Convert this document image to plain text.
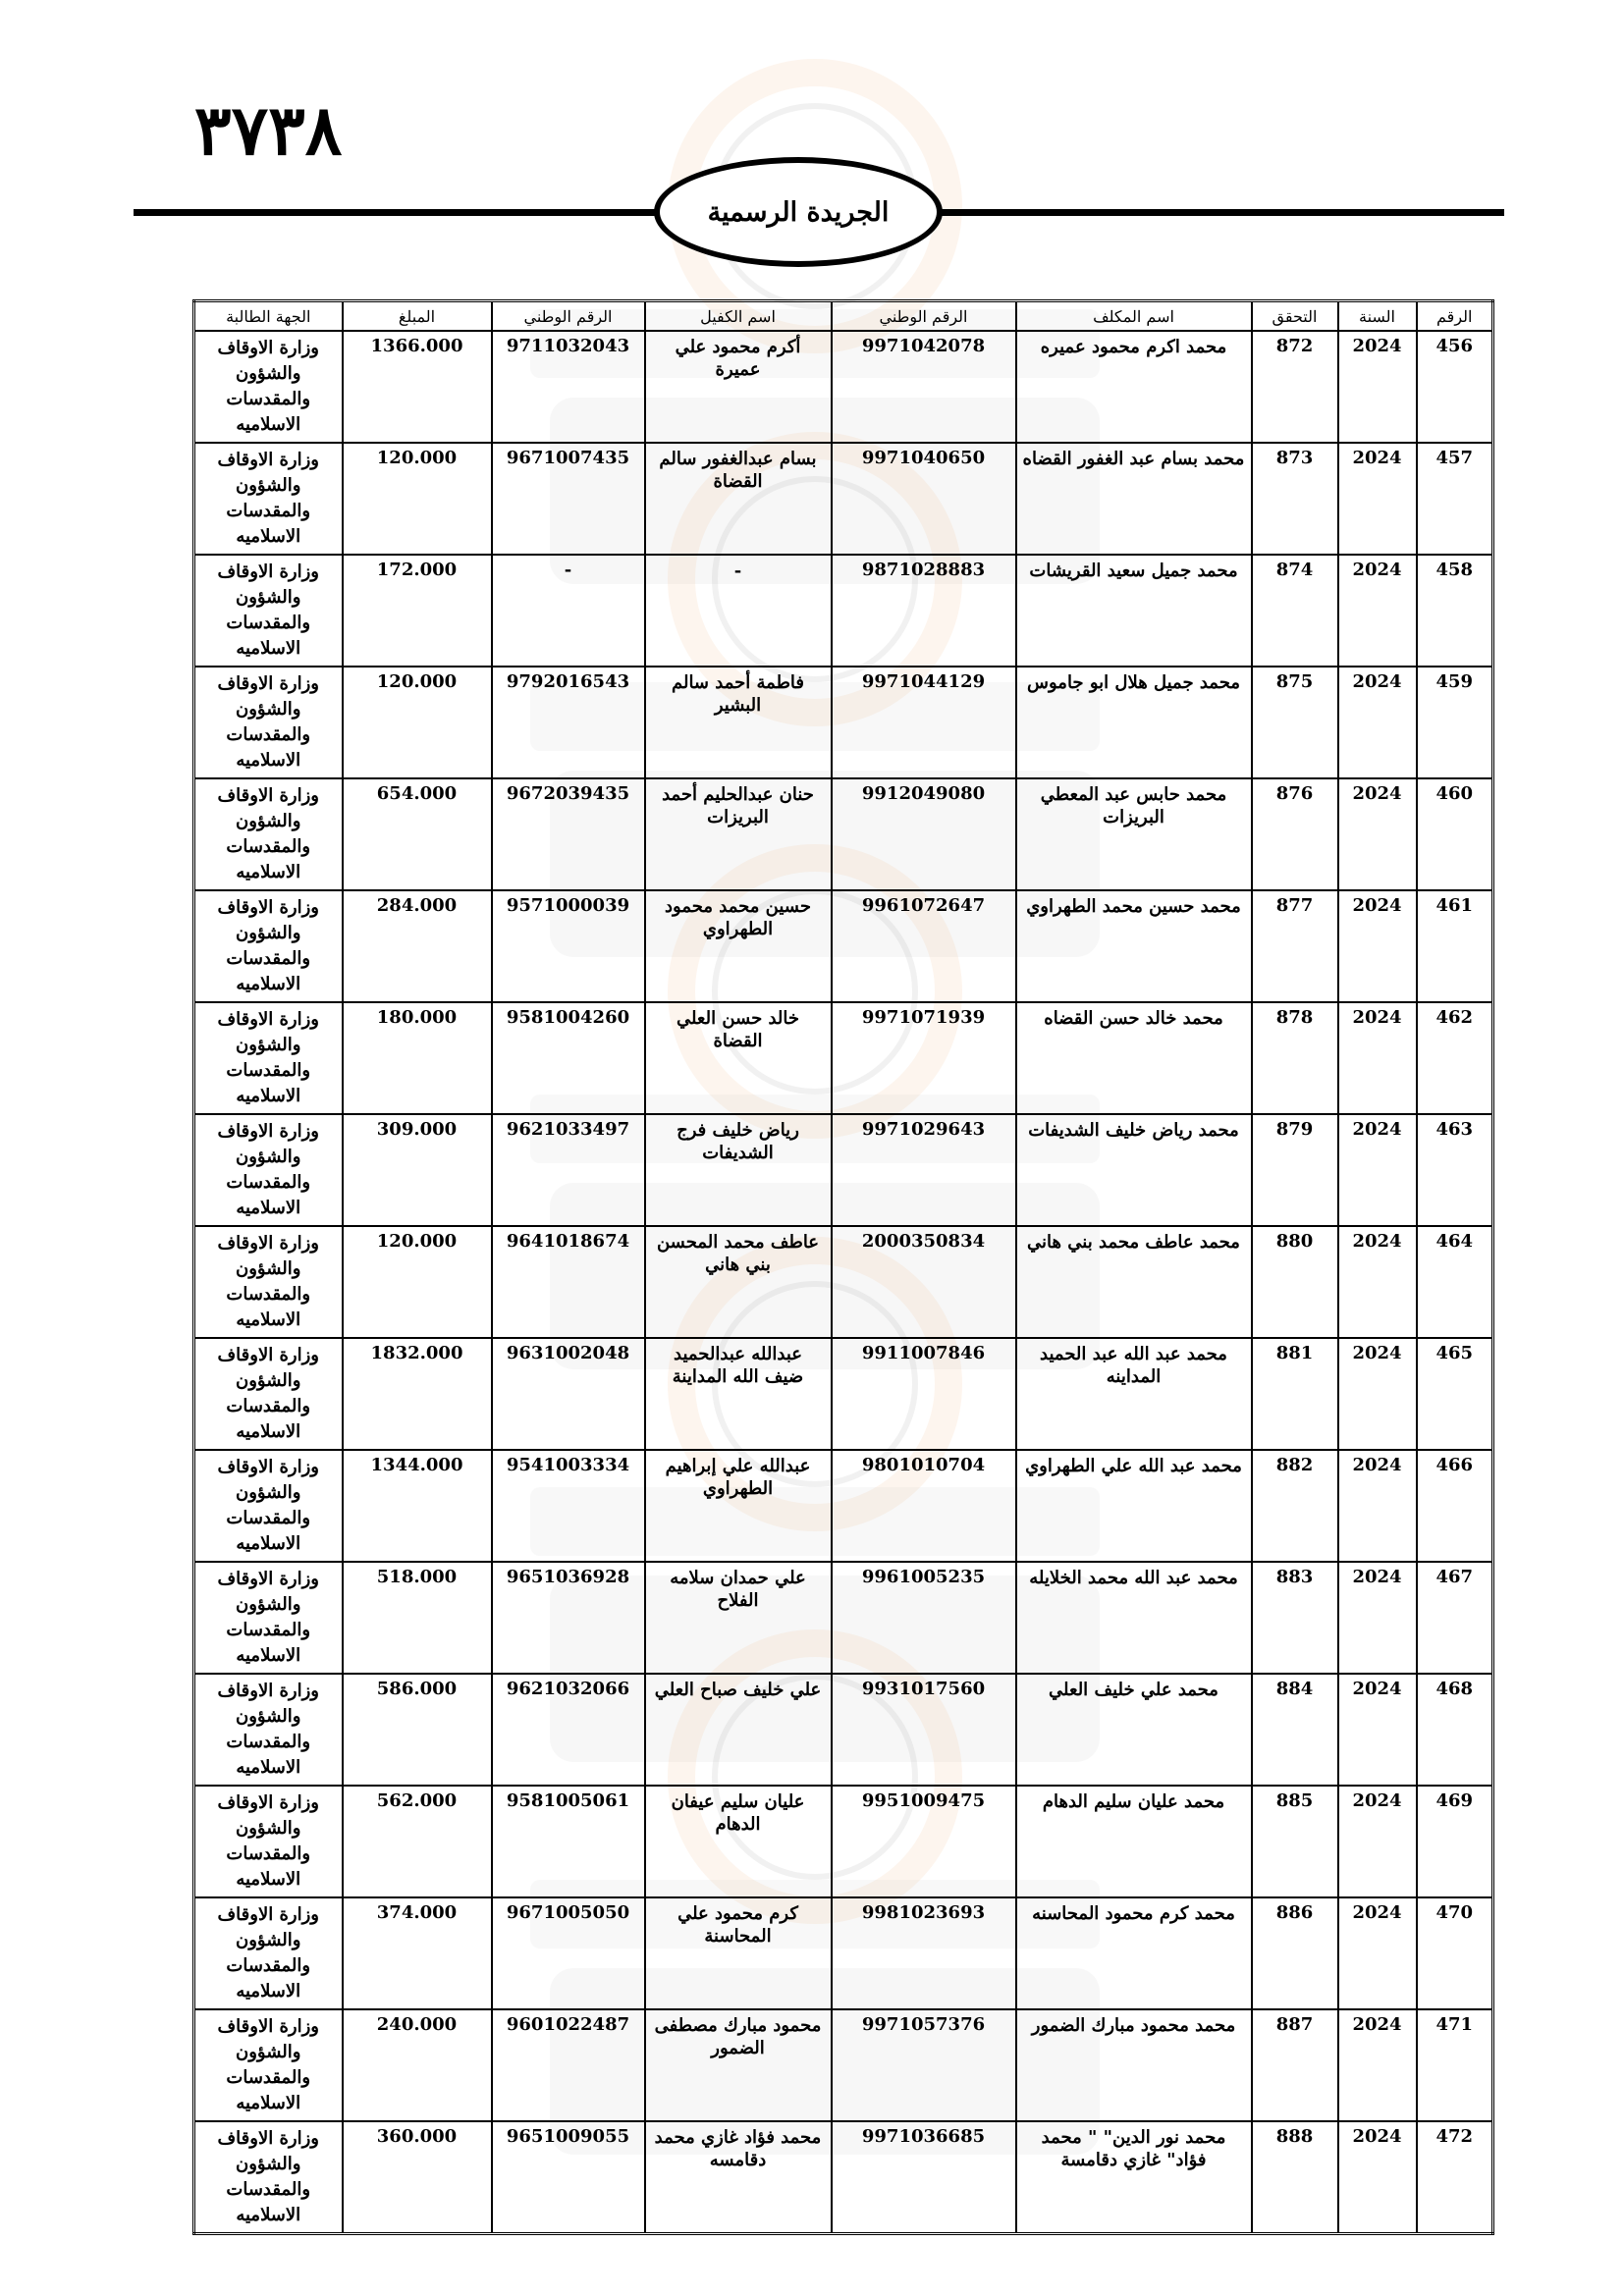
٣٧٣٨
الجريدة الرسمية
الرقم	السنة	التحقق	اسم المكلف	الرقم الوطني	اسم الكفيل	الرقم الوطني	المبلغ	الجهة الطالبة
456	2024	872	محمد اكرم محمود عميره	9971042078	أكرم محمود علي عميرة	9711032043	1366.000	وزارة الاوقاف والشؤون والمقدسات الاسلاميه
457	2024	873	محمد بسام عبد الغفور القضاه	9971040650	بسام عبدالغفور سالم القضاة	9671007435	120.000	وزارة الاوقاف والشؤون والمقدسات الاسلاميه
458	2024	874	محمد جميل سعيد القريشات	9871028883	-	-	172.000	وزارة الاوقاف والشؤون والمقدسات الاسلاميه
459	2024	875	محمد جميل هلال ابو جاموس	9971044129	فاطمة أحمد سالم البشير	9792016543	120.000	وزارة الاوقاف والشؤون والمقدسات الاسلاميه
460	2024	876	محمد حابس عبد المعطي البريزات	9912049080	حنان عبدالحليم أحمد البريزات	9672039435	654.000	وزارة الاوقاف والشؤون والمقدسات الاسلاميه
461	2024	877	محمد حسين محمد الطهراوي	9961072647	حسين محمد محمود الطهراوي	9571000039	284.000	وزارة الاوقاف والشؤون والمقدسات الاسلاميه
462	2024	878	محمد خالد حسن القضاه	9971071939	خالد حسن العلي القضاة	9581004260	180.000	وزارة الاوقاف والشؤون والمقدسات الاسلاميه
463	2024	879	محمد رياض خليف الشديفات	9971029643	رياض خليف فرج الشديفات	9621033497	309.000	وزارة الاوقاف والشؤون والمقدسات الاسلاميه
464	2024	880	محمد عاطف محمد بني هاني	2000350834	عاطف محمد المحسن بني هاني	9641018674	120.000	وزارة الاوقاف والشؤون والمقدسات الاسلاميه
465	2024	881	محمد عبد الله عبد الحميد المداينه	9911007846	عبدالله عبدالحميد ضيف الله المداينة	9631002048	1832.000	وزارة الاوقاف والشؤون والمقدسات الاسلاميه
466	2024	882	محمد عبد الله علي الطهراوي	9801010704	عبدالله علي إبراهيم الطهراوي	9541003334	1344.000	وزارة الاوقاف والشؤون والمقدسات الاسلاميه
467	2024	883	محمد عبد الله محمد الخلايله	9961005235	علي حمدان سلامه الفلاح	9651036928	518.000	وزارة الاوقاف والشؤون والمقدسات الاسلاميه
468	2024	884	محمد علي خليف العلي	9931017560	علي خليف صباح العلي	9621032066	586.000	وزارة الاوقاف والشؤون والمقدسات الاسلاميه
469	2024	885	محمد عليان سليم الدهام	9951009475	عليان سليم عيفان الدهام	9581005061	562.000	وزارة الاوقاف والشؤون والمقدسات الاسلاميه
470	2024	886	محمد كرم محمود المحاسنه	9981023693	كرم محمود علي المحاسنة	9671005050	374.000	وزارة الاوقاف والشؤون والمقدسات الاسلاميه
471	2024	887	محمد محمود مبارك الضمور	9971057376	محمود مبارك مصطفى الضمور	9601022487	240.000	وزارة الاوقاف والشؤون والمقدسات الاسلاميه
472	2024	888	محمد نور الدين" " محمد فؤاد" غازي دقامسة	9971036685	محمد فؤاد غازي محمد دقامسه	9651009055	360.000	وزارة الاوقاف والشؤون والمقدسات الاسلاميه
